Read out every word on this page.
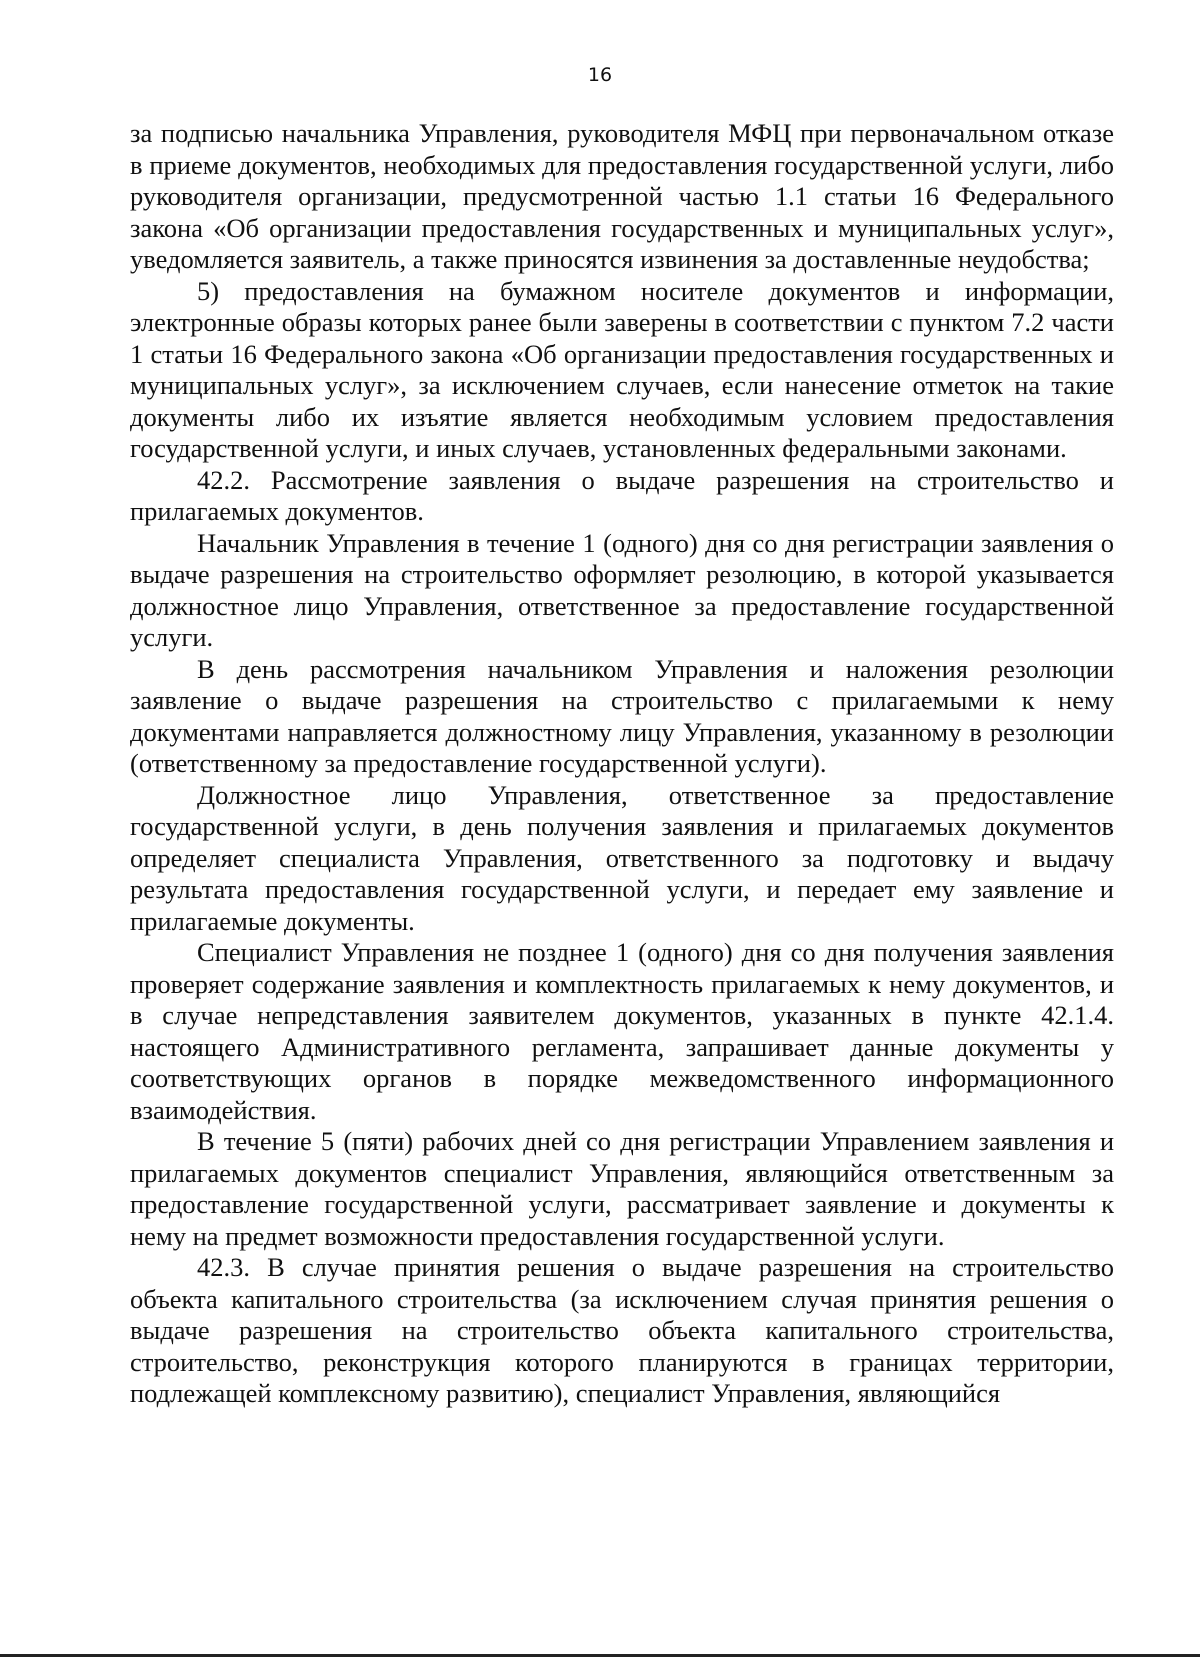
16

за подписью начальника Управления, руководителя МФЦ при первоначальном отказе в приеме документов, необходимых для предоставления государственной услуги, либо руководителя организации, предусмотренной частью 1.1 статьи 16 Федерального закона «Об организации предоставления государственных и муниципальных услуг», уведомляется заявитель, а также приносятся извинения за доставленные неудобства;

5) предоставления на бумажном носителе документов и информации, электронные образы которых ранее были заверены в соответствии с пунктом 7.2 части 1 статьи 16 Федерального закона «Об организации предоставления государственных и муниципальных услуг», за исключением случаев, если нанесение отметок на такие документы либо их изъятие является необходимым условием предоставления государственной услуги, и иных случаев, установленных федеральными законами.

42.2. Рассмотрение заявления о выдаче разрешения на строительство и прилагаемых документов.

Начальник Управления в течение 1 (одного) дня со дня регистрации заявления о выдаче разрешения на строительство оформляет резолюцию, в которой указывается должностное лицо Управления, ответственное за предоставление государственной услуги.

В день рассмотрения начальником Управления и наложения резолюции заявление о выдаче разрешения на строительство с прилагаемыми к нему документами направляется должностному лицу Управления, указанному в резолюции (ответственному за предоставление государственной услуги).

Должностное лицо Управления, ответственное за предоставление государственной услуги, в день получения заявления и прилагаемых документов определяет специалиста Управления, ответственного за подготовку и выдачу результата предоставления государственной услуги, и передает ему заявление и прилагаемые документы.

Специалист Управления не позднее 1 (одного) дня со дня получения заявления проверяет содержание заявления и комплектность прилагаемых к нему документов, и в случае непредставления заявителем документов, указанных в пункте 42.1.4. настоящего Административного регламента, запрашивает данные документы у соответствующих органов в порядке межведомственного информационного взаимодействия.

В течение 5 (пяти) рабочих дней со дня регистрации Управлением заявления и прилагаемых документов специалист Управления, являющийся ответственным за предоставление государственной услуги, рассматривает заявление и документы к нему на предмет возможности предоставления государственной услуги.

42.3. В случае принятия решения о выдаче разрешения на строительство объекта капитального строительства (за исключением случая принятия решения о выдаче разрешения на строительство объекта капитального строительства, строительство, реконструкция которого планируются в границах территории, подлежащей комплексному развитию), специалист Управления, являющийся
